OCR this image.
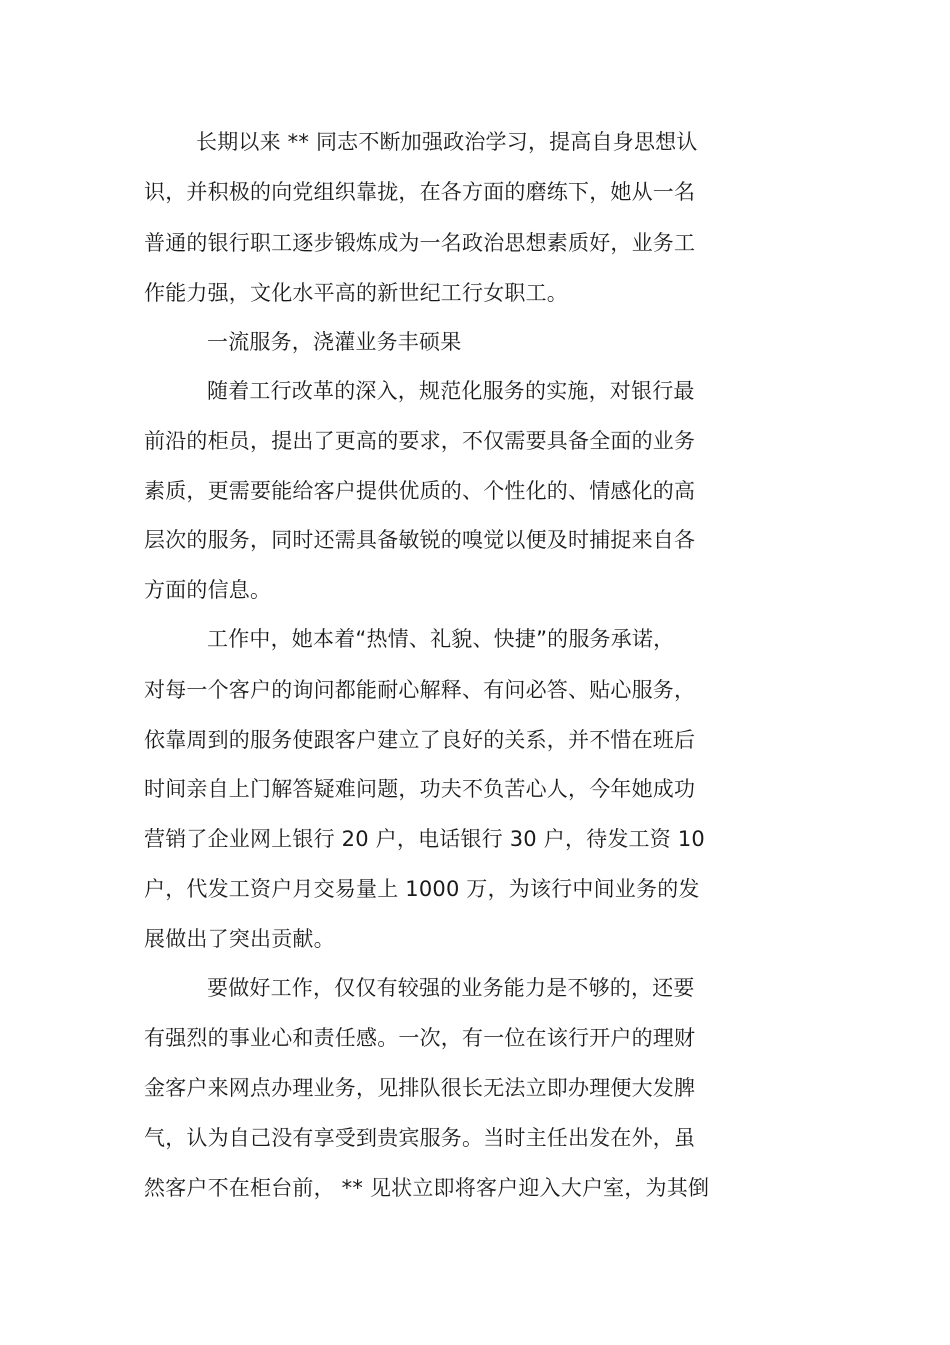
长期以来 ** 同志不断加强政治学习，提高自身思想认
识，并积极的向党组织靠拢，在各方面的磨练下，她从一名
普通的银行职工逐步锻炼成为一名政治思想素质好，业务工
作能力强，文化水平高的新世纪工行女职工。
一流服务，浇灌业务丰硕果
随着工行改革的深入，规范化服务的实施，对银行最
前沿的柜员，提出了更高的要求，不仅需要具备全面的业务
素质，更需要能给客户提供优质的、个性化的、情感化的高
层次的服务，同时还需具备敏锐的嗅觉以便及时捕捉来自各
方面的信息。
工作中，她本着“热情、礼貌、快捷”的服务承诺，
对每一个客户的询问都能耐心解释、有问必答、贴心服务，
依靠周到的服务使跟客户建立了良好的关系，并不惜在班后
时间亲自上门解答疑难问题，功夫不负苦心人，今年她成功
营销了企业网上银行 20 户，电话银行 30 户，待发工资 10
户，代发工资户月交易量上 1000 万，为该行中间业务的发
展做出了突出贡献。
要做好工作，仅仅有较强的业务能力是不够的，还要
有强烈的事业心和责任感。一次，有一位在该行开户的理财
金客户来网点办理业务，见排队很长无法立即办理便大发脾
气，认为自己没有享受到贵宾服务。当时主任出发在外，虽
然客户不在柜台前， ** 见状立即将客户迎入大户室，为其倒
